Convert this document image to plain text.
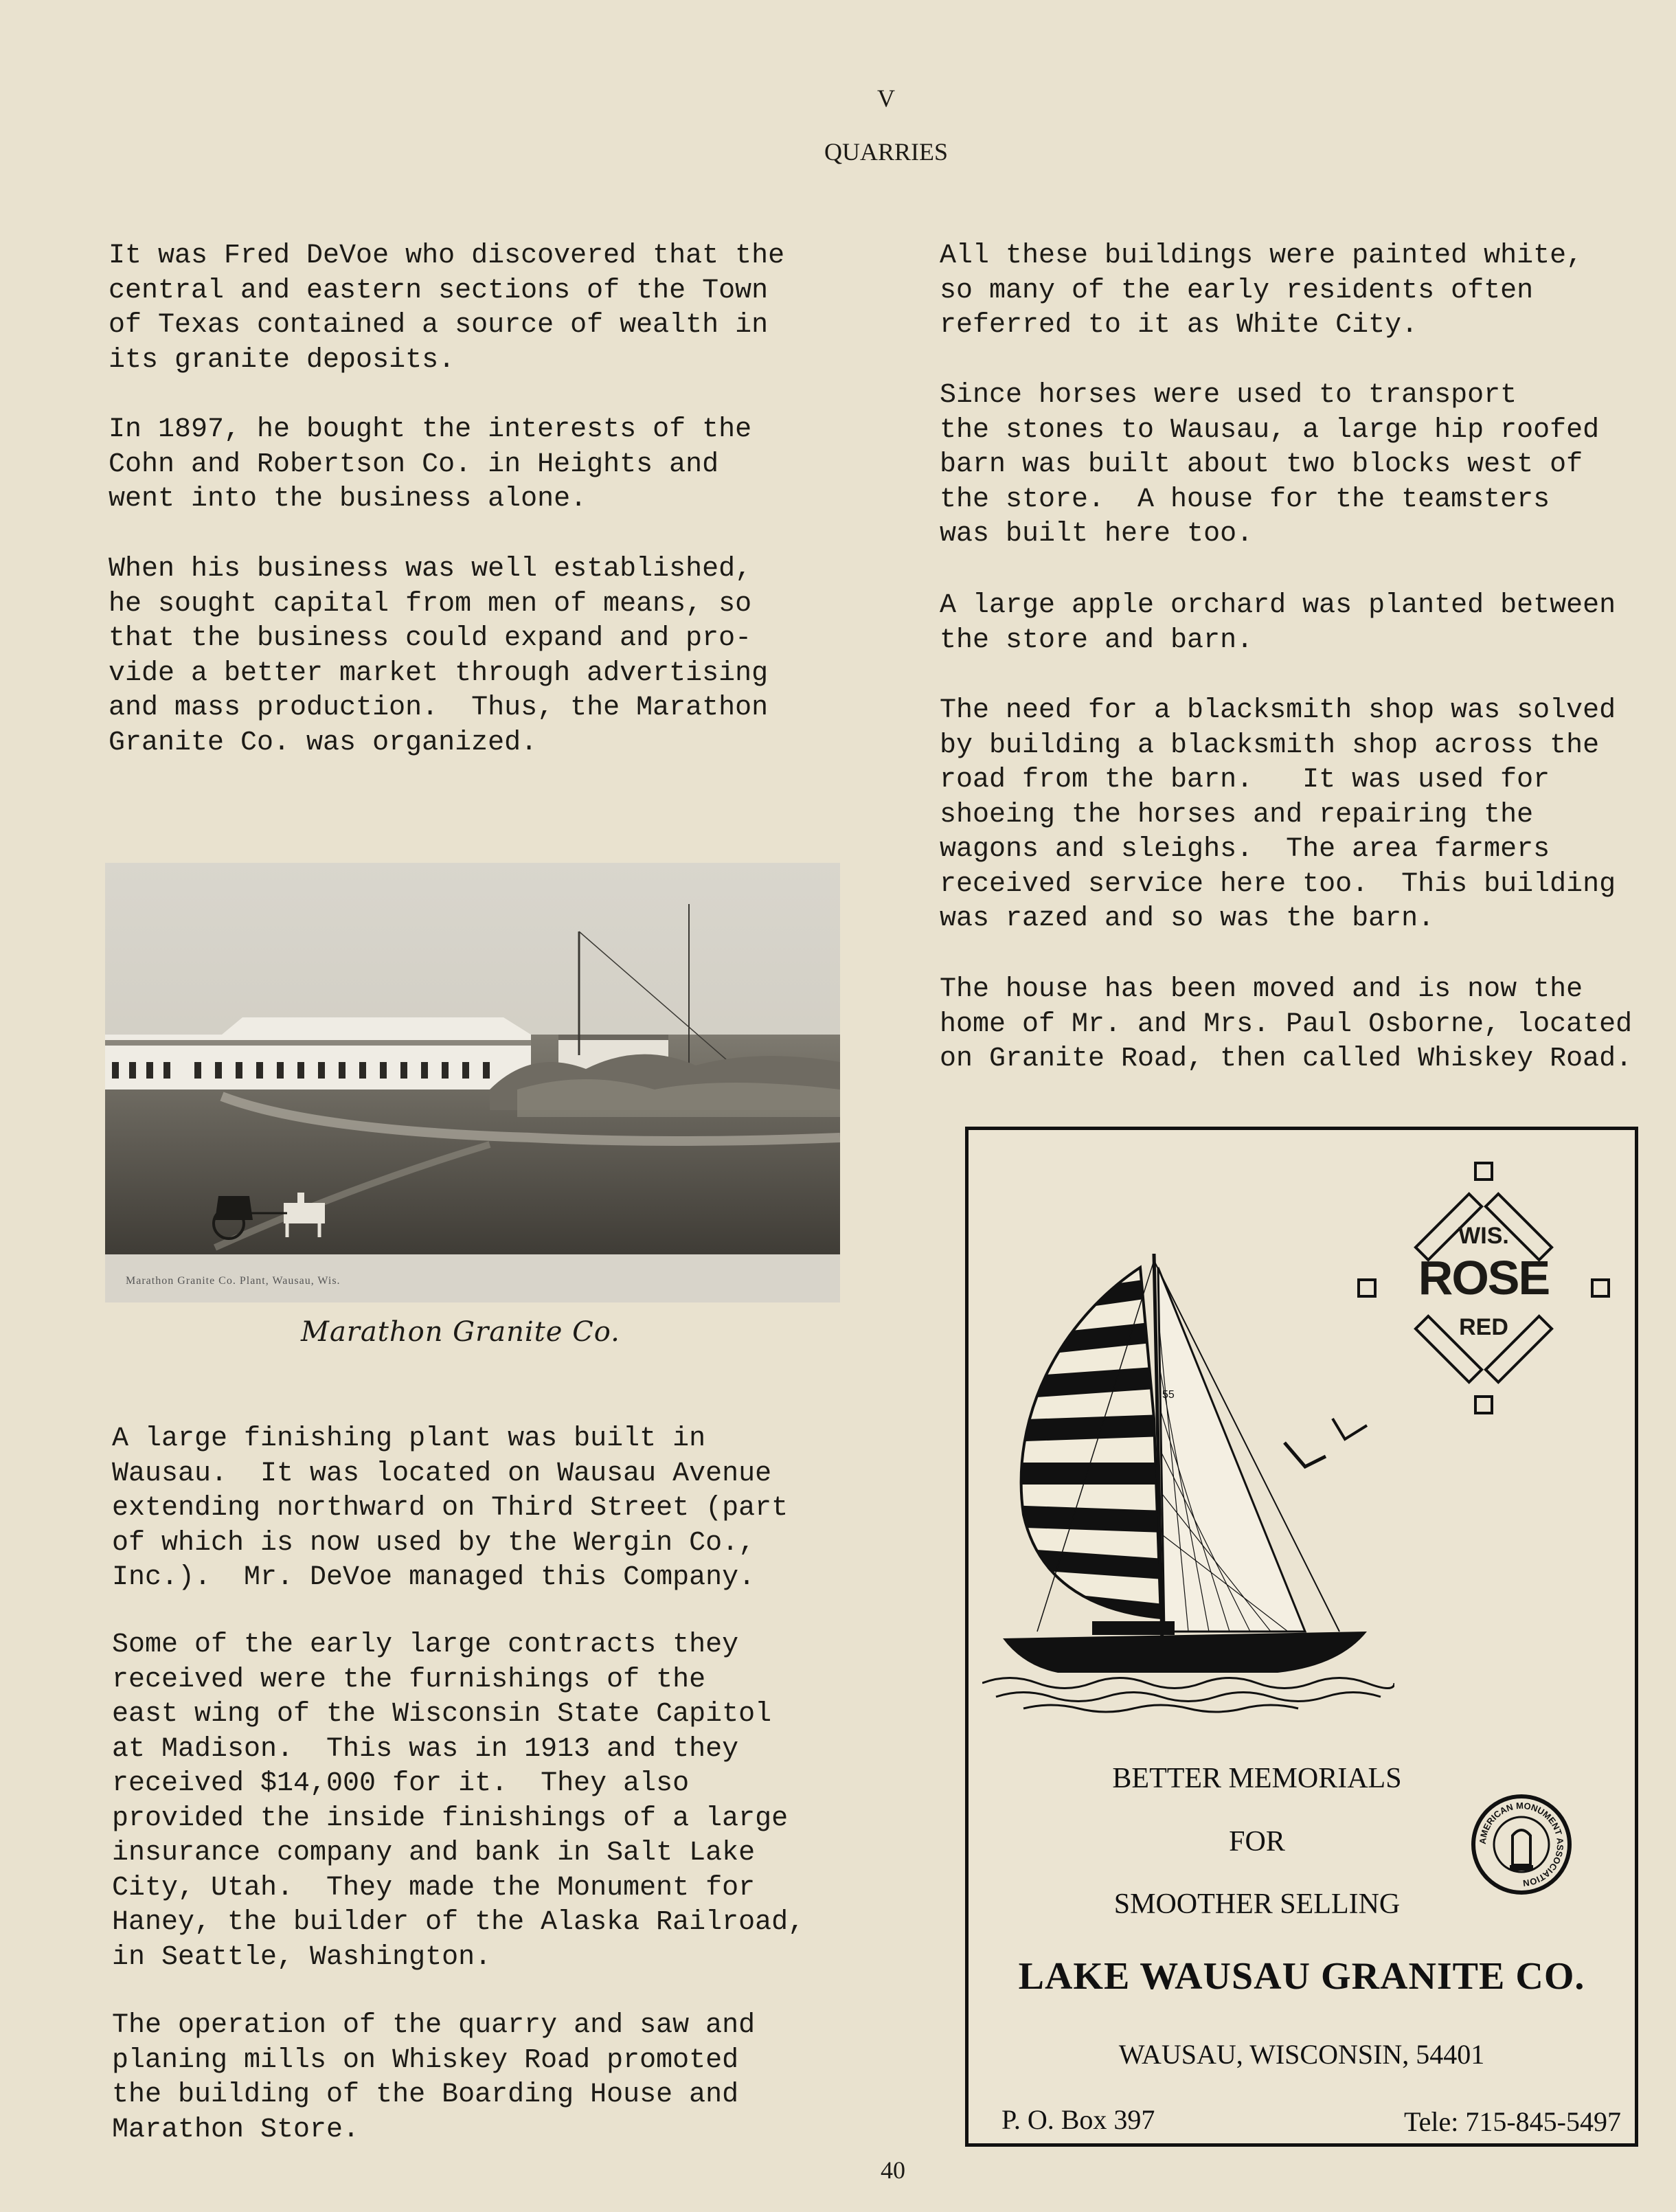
V
QUARRIES
It was Fred DeVoe who discovered that the
central and eastern sections of the Town
of Texas contained a source of wealth in
its granite deposits.
In 1897, he bought the interests of the
Cohn and Robertson Co. in Heights and
went into the business alone.
When his business was well established,
he sought capital from men of means, so
that the business could expand and pro-
vide a better market through advertising
and mass production.  Thus, the Marathon
Granite Co. was organized.
Marathon Granite Co. Plant, Wausau, Wis.
Marathon Granite Co.
A large finishing plant was built in
Wausau.  It was located on Wausau Avenue
extending northward on Third Street (part
of which is now used by the Wergin Co.,
Inc.).  Mr. DeVoe managed this Company.
Some of the early large contracts they
received were the furnishings of the
east wing of the Wisconsin State Capitol
at Madison.  This was in 1913 and they
received $14,000 for it.  They also
provided the inside finishings of a large
insurance company and bank in Salt Lake
City, Utah.  They made the Monument for
Haney, the builder of the Alaska Railroad,
in Seattle, Washington.
The operation of the quarry and saw and
planing mills on Whiskey Road promoted
the building of the Boarding House and
Marathon Store.
All these buildings were painted white,
so many of the early residents often
referred to it as White City.
Since horses were used to transport
the stones to Wausau, a large hip roofed
barn was built about two blocks west of
the store.  A house for the teamsters
was built here too.
A large apple orchard was planted between
the store and barn.
The need for a blacksmith shop was solved
by building a blacksmith shop across the
road from the barn.   It was used for
shoeing the horses and repairing the
wagons and sleighs.  The area farmers
received service here too.  This building
was razed and so was the barn.
The house has been moved and is now the
home of Mr. and Mrs. Paul Osborne, located
on Granite Road, then called Whiskey Road.
55
WIS.
ROSE
RED
BETTER MEMORIALS
FOR
SMOOTHER SELLING
AMERICAN MONUMENT ASSOCIATION
LAKE WAUSAU GRANITE CO.
WAUSAU, WISCONSIN, 54401
P. O. Box 397	Tele: 715-845-5497
40
